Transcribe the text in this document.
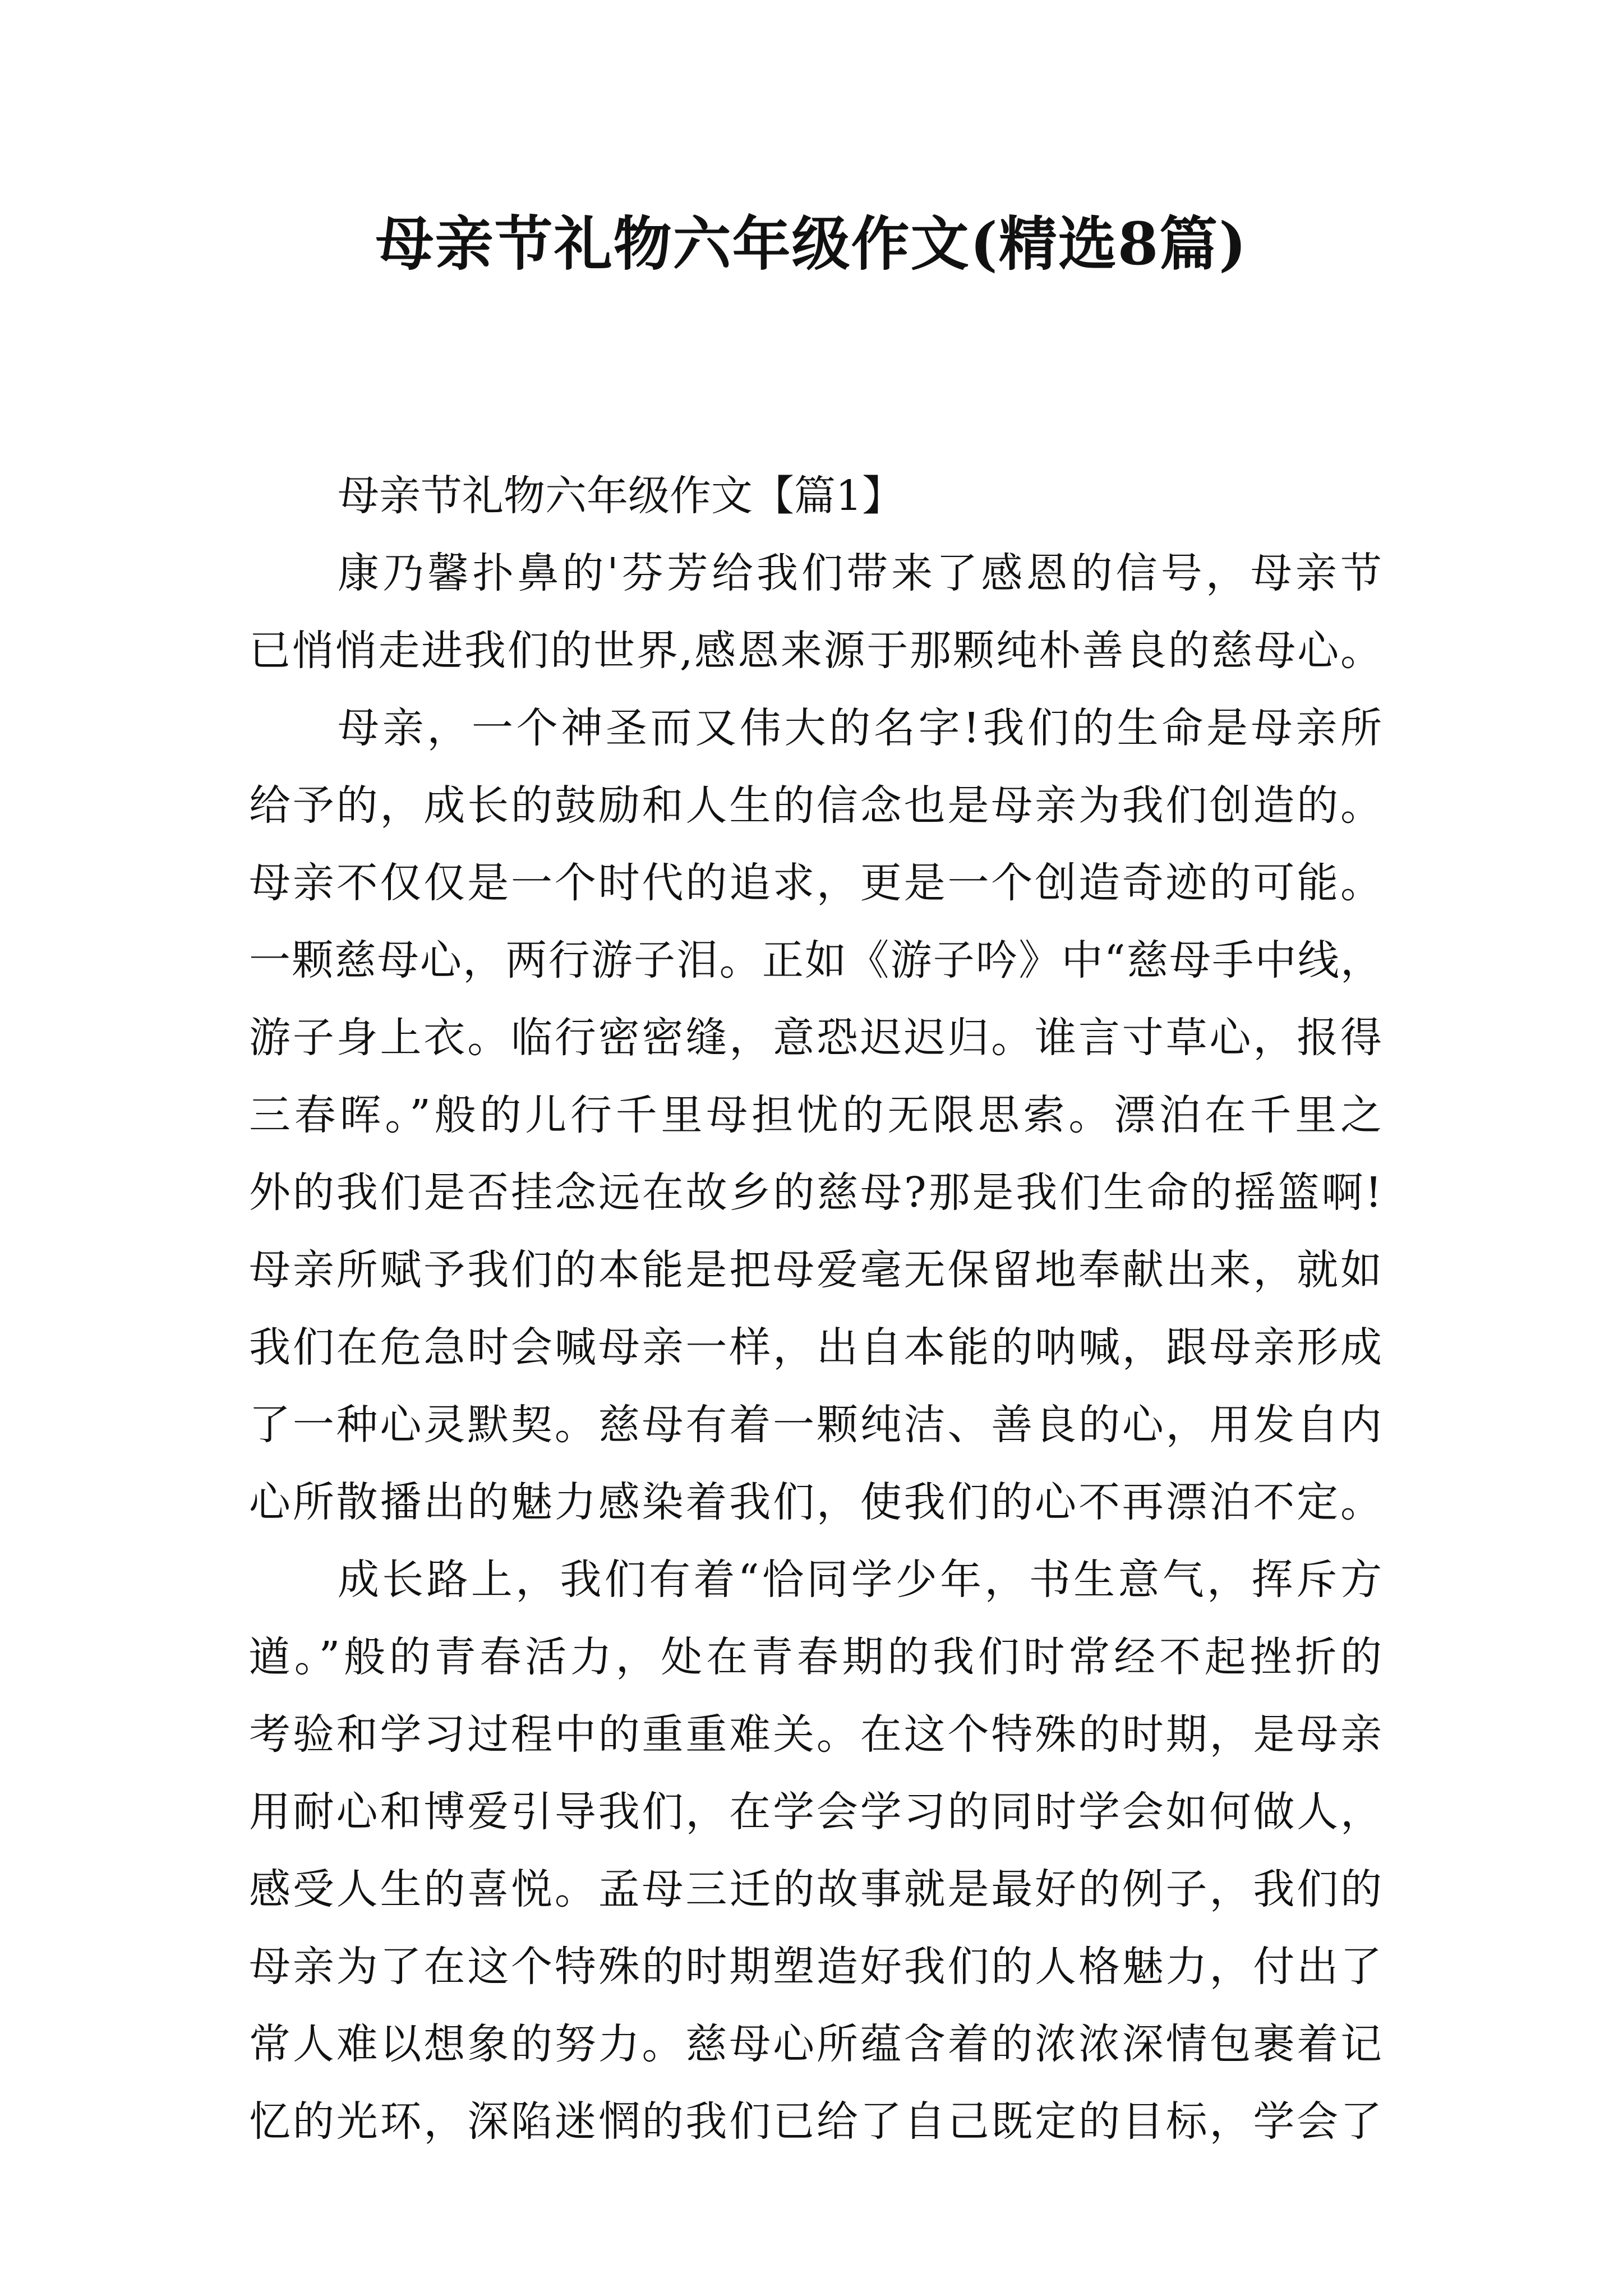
母亲节礼物六年级作文(精选8篇)
母亲节礼物六年级作文【篇1】
康乃馨扑鼻的'芬芳给我们带来了感恩的信号，母亲节
已悄悄走进我们的世界,感恩来源于那颗纯朴善良的慈母心。
母亲，一个神圣而又伟大的名字!我们的生命是母亲所
给予的，成长的鼓励和人生的信念也是母亲为我们创造的。
母亲不仅仅是一个时代的追求，更是一个创造奇迹的可能。
一颗慈母心，两行游子泪。正如《游子吟》中“慈母手中线，
游子身上衣。临行密密缝，意恐迟迟归。谁言寸草心，报得
三春晖。”般的儿行千里母担忧的无限思索。漂泊在千里之
外的我们是否挂念远在故乡的慈母?那是我们生命的摇篮啊!
母亲所赋予我们的本能是把母爱毫无保留地奉献出来，就如
我们在危急时会喊母亲一样，出自本能的呐喊，跟母亲形成
了一种心灵默契。慈母有着一颗纯洁、善良的心，用发自内
心所散播出的魅力感染着我们，使我们的心不再漂泊不定。
成长路上，我们有着“恰同学少年，书生意气，挥斥方
遒。”般的青春活力，处在青春期的我们时常经不起挫折的
考验和学习过程中的重重难关。在这个特殊的时期，是母亲
用耐心和博爱引导我们，在学会学习的同时学会如何做人，
感受人生的喜悦。孟母三迁的故事就是最好的例子，我们的
母亲为了在这个特殊的时期塑造好我们的人格魅力，付出了
常人难以想象的努力。慈母心所蕴含着的浓浓深情包裹着记
忆的光环，深陷迷惘的我们已给了自己既定的目标，学会了
